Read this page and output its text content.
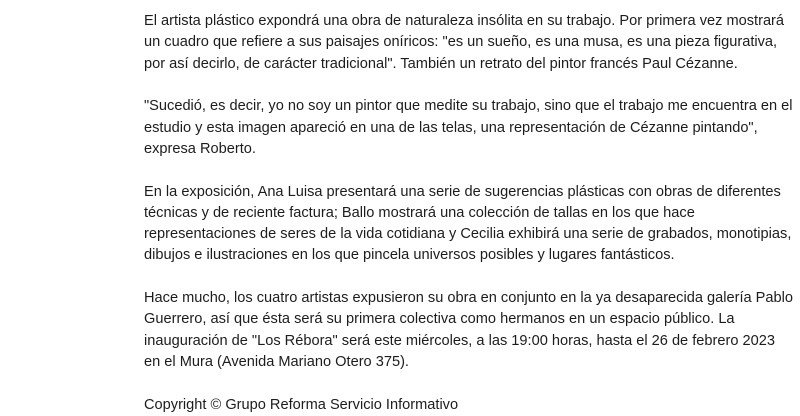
El artista plástico expondrá una obra de naturaleza insólita en su trabajo. Por primera vez mostrará un cuadro que refiere a sus paisajes oníricos: "es un sueño, es una musa, es una pieza figurativa, por así decirlo, de carácter tradicional". También un retrato del pintor francés Paul Cézanne.

"Sucedió, es decir, yo no soy un pintor que medite su trabajo, sino que el trabajo me encuentra en el estudio y esta imagen apareció en una de las telas, una representación de Cézanne pintando", expresa Roberto.

En la exposición, Ana Luisa presentará una serie de sugerencias plásticas con obras de diferentes técnicas y de reciente factura; Ballo mostrará una colección de tallas en los que hace representaciones de seres de la vida cotidiana y Cecilia exhibirá una serie de grabados, monotipias, dibujos e ilustraciones en los que pincela universos posibles y lugares fantásticos.

Hace mucho, los cuatro artistas expusieron su obra en conjunto en la ya desaparecida galería Pablo Guerrero, así que ésta será su primera colectiva como hermanos en un espacio público. La inauguración de "Los Rébora" será este miércoles, a las 19:00 horas, hasta el 26 de febrero 2023 en el Mura (Avenida Mariano Otero 375).

Copyright © Grupo Reforma Servicio Informativo
